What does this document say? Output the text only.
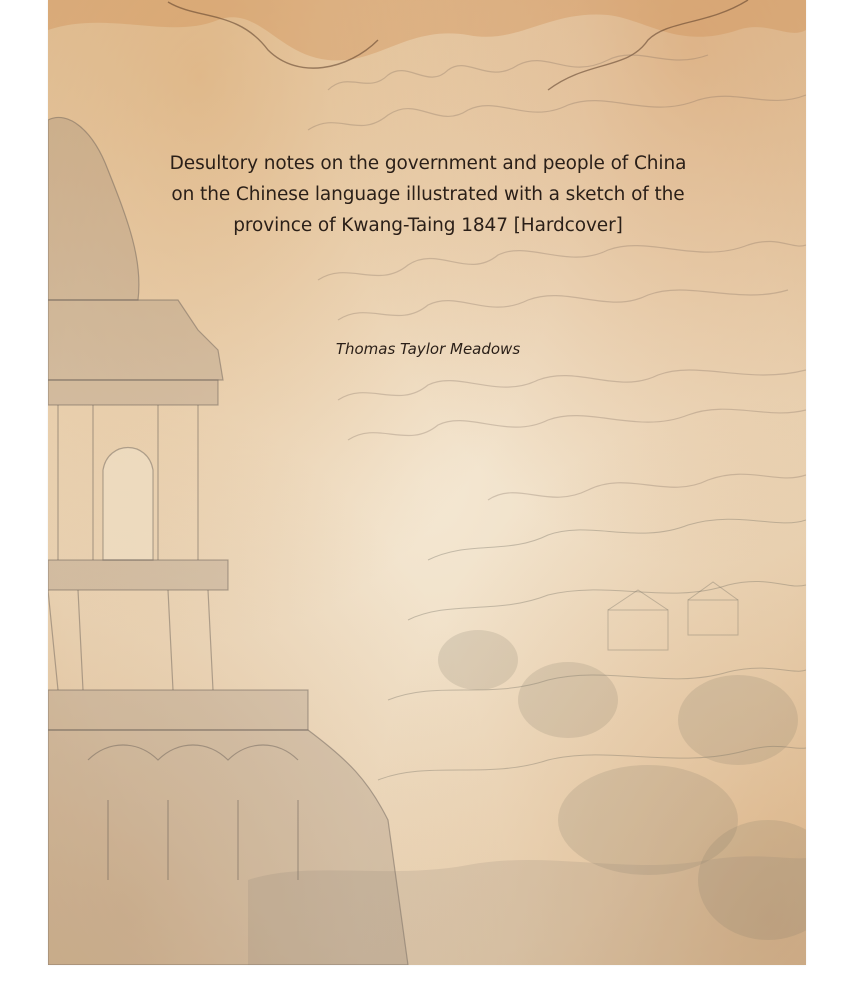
Desultory notes on the government and people of China
on the Chinese language illustrated with a sketch of the
province of Kwang-Taing 1847 [Hardcover]
Thomas Taylor Meadows
